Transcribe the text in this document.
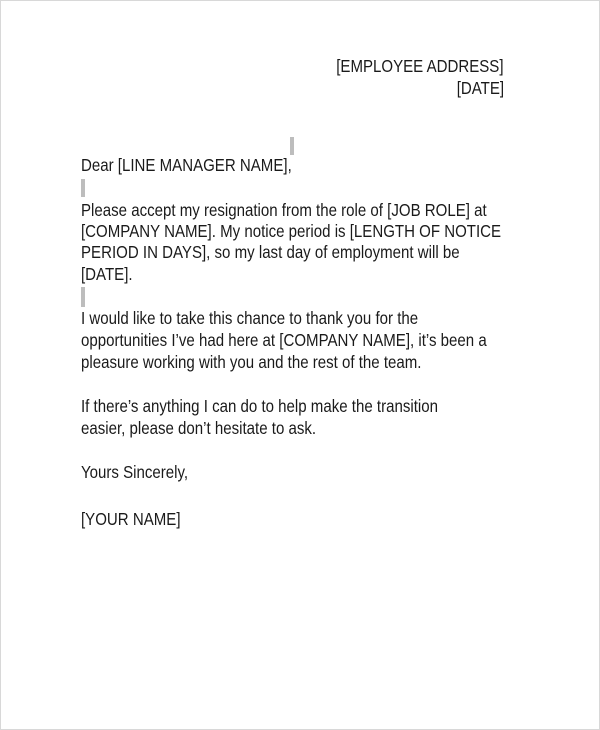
[EMPLOYEE ADDRESS]
[DATE]
Dear [LINE MANAGER NAME],
Please accept my resignation from the role of [JOB ROLE] at
[COMPANY NAME]. My notice period is [LENGTH OF NOTICE
PERIOD IN DAYS], so my last day of employment will be
[DATE].
I would like to take this chance to thank you for the
opportunities I’ve had here at [COMPANY NAME], it’s been a
pleasure working with you and the rest of the team.
If there’s anything I can do to help make the transition
easier, please don’t hesitate to ask.
Yours Sincerely,
[YOUR NAME]
